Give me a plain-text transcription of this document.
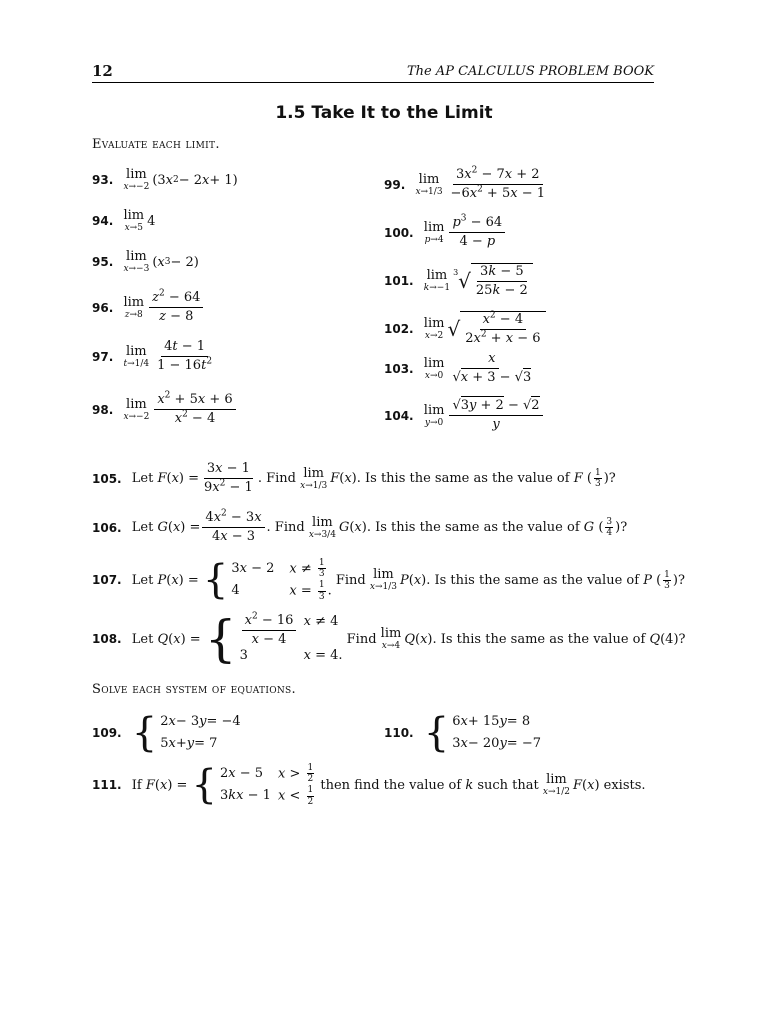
12	The AP CALCULUS PROBLEM BOOK
1.5 Take It to the Limit
Evaluate each limit.
93.
lim
x→−2 (3 x 2 − 2 x + 1)
94.
lim
x→5 4
95.
lim
x→−3 ( x 3 − 2)
96.
lim
$z\to 8 \frac{z^2 - 64}{z - 8}$
97.
lim
$t\to 1/4 \frac{4t - 1}{1 - 16t^2}$
98.
lim
$x\to-2 \frac{x^2 + 5x + 6}{x^2 - 4}$
99.
lim
$x\to 1/3 \frac{3x^2 - 7x + 2}{-6x^2 + 5x - 1}$
100.
lim
$p\to 4 \frac{p^3 - 64}{4 - p}$
101.
lim
k→−1
3 √ $\frac{3k - 5}{25k - 2}$
102.
lim
x→2 √ $\frac{x^2 - 4}{2x^2 + x - 6}$
103.
lim
$x\to 0 \frac{x}{√x + 3 - √3}$
104.
lim
$y\to 0 \frac{√3y + 2 - √2}{y}$
105.
Let F ( x ) = $\frac{3x - 1}{9x^2 - 1}$ . Find lim
x→1/3 F ( x ). Is this the same as the value of F ( $\frac{1}{3}$ )?
106.
Let G ( x ) = $\frac{4x^2 - 3x}{4x - 3}$ . Find lim
x→3/4 G ( x ). Is this the same as the value of G ( $\frac{3}{4}$ )?
107.
Let P ( x ) = { 3x − 2	$x \ne \frac{1}{3}$
4	$x = \frac{1}{3}$ .
Find lim
x→1/3 P ( x ). Is this the same as the value of P ( $\frac{1}{3}$ )?
108.
Let Q ( x ) = { $\frac{x^2 - 16}{x - 4}$ x ≠ 4
3	x = 4.
Find lim
x→4 Q ( x ). Is this the same as the value of Q (4)?
Solve each system of equations.
109.
{ 2 x − 3 y = −4
5 x + y = 7
110.
{ 6 x + 15 y = 8
3 x − 20 y = −7
111.
If F ( x ) = { 2x − 5	$x > \frac{1}{2}$
3kx − 1 $x < \frac{1}{2}$ then find the value of k such that lim
x→1/2 F ( x ) exists.
